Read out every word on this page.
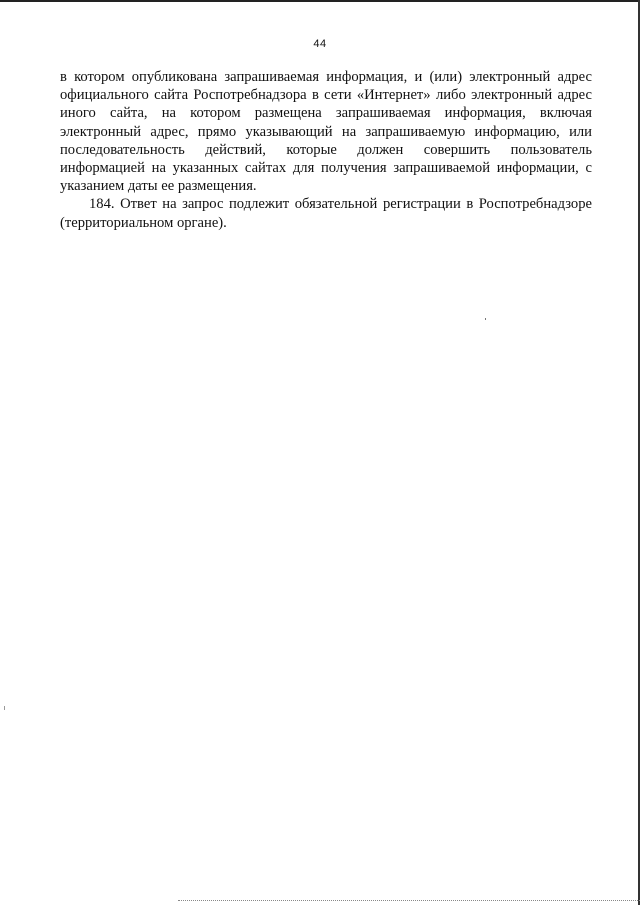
44

в котором опубликована запрашиваемая информация, и (или) электронный адрес официального сайта Роспотребнадзора в сети «Интернет» либо электронный адрес иного сайта, на котором размещена запрашиваемая информация, включая электронный адрес, прямо указывающий на запрашиваемую информацию, или последовательность действий, которые должен совершить пользователь информацией на указанных сайтах для получения запрашиваемой информации, с указанием даты ее размещения.

184. Ответ на запрос подлежит обязательной регистрации в Роспотребнадзоре (территориальном органе).
